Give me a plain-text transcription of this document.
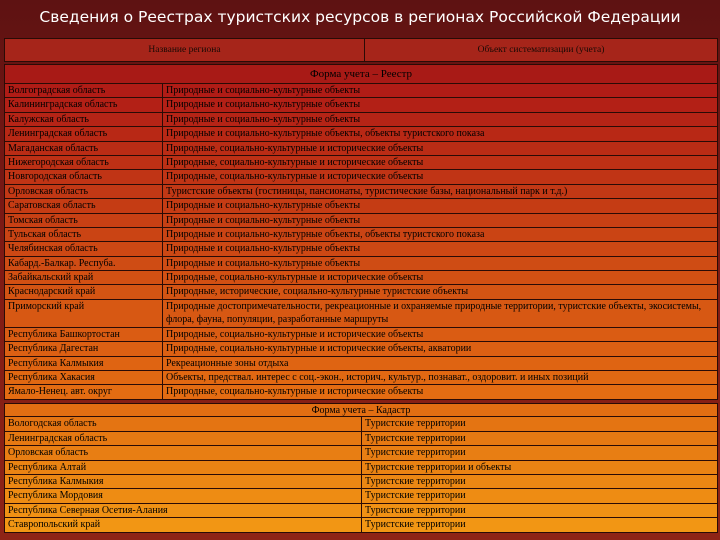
Сведения о Реестрах туристских ресурсов в регионах Российской Федерации
Название региона	Объект систематизации (учета)
Форма учета – Реестр
Волгоградская область	Природные и социально-культурные объекты
Калининградская область	Природные и социально-культурные объекты
Калужская область	Природные и социально-культурные объекты
Ленинградская область	Природные и социально-культурные объекты, объекты туристского показа
Магаданская область	Природные, социально-культурные и исторические объекты
Нижегородская область	Природные, социально-культурные и исторические объекты
Новгородская область	Природные, социально-культурные и исторические объекты
Орловская область	Туристские объекты (гостиницы, пансионаты, туристические базы, национальный парк и т.д.)
Саратовская область	Природные и социально-культурные объекты
Томская область	Природные и социально-культурные объекты
Тульская область	Природные и социально-культурные объекты, объекты туристского показа
Челябинская область	Природные и социально-культурные объекты
Кабард.-Балкар. Респуба.	Природные и социально-культурные объекты
Забайкальский край	Природные, социально-культурные и исторические объекты
Краснодарский край	Природные, исторические, социально-культурные туристские объекты
Приморский край	Природные достопримечательности, рекреационные и охраняемые природные территории, туристские объекты, экосистемы, флора, фауна, популяции, разработанные маршруты
Республика Башкортостан	Природные, социально-культурные и исторические объекты
Республика Дагестан	Природные, социально-культурные и исторические объекты, акватории
Республика Калмыкия	Рекреационные зоны отдыха
Республика Хакасия	Объекты, предствал. интерес с соц.-экон., историч., культур., познават., оздоровит. и иных позиций
Ямало-Ненец. авт. округ	Природные, социально-культурные и исторические объекты
Форма учета – Кадастр
Вологодская область	Туристские территории
Ленинградская область	Туристские территории
Орловская область	Туристские территории
Республика Алтай	Туристские территории и объекты
Республика Калмыкия	Туристские территории
Республика Мордовия	Туристские территории
Республика Северная Осетия-Алания	Туристские территории
Ставропольский край	Туристские территории
